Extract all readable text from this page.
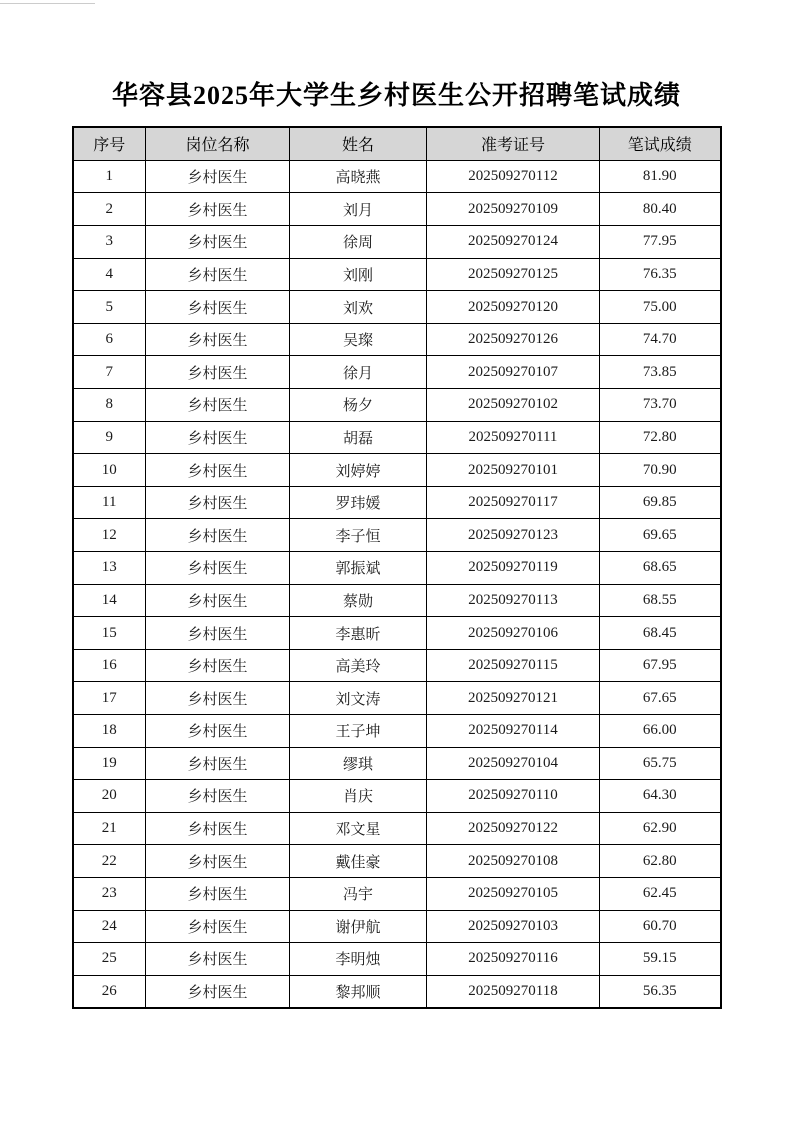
华容县2025年大学生乡村医生公开招聘笔试成绩
序号	岗位名称	姓名	准考证号	笔试成绩
1	乡村医生	高晓燕	202509270112	81.90
2	乡村医生	刘月	202509270109	80.40
3	乡村医生	徐周	202509270124	77.95
4	乡村医生	刘刚	202509270125	76.35
5	乡村医生	刘欢	202509270120	75.00
6	乡村医生	吴璨	202509270126	74.70
7	乡村医生	徐月	202509270107	73.85
8	乡村医生	杨夕	202509270102	73.70
9	乡村医生	胡磊	202509270111	72.80
10	乡村医生	刘婷婷	202509270101	70.90
11	乡村医生	罗玮媛	202509270117	69.85
12	乡村医生	李子恒	202509270123	69.65
13	乡村医生	郭振斌	202509270119	68.65
14	乡村医生	蔡勋	202509270113	68.55
15	乡村医生	李惠昕	202509270106	68.45
16	乡村医生	高美玲	202509270115	67.95
17	乡村医生	刘文涛	202509270121	67.65
18	乡村医生	王子坤	202509270114	66.00
19	乡村医生	缪琪	202509270104	65.75
20	乡村医生	肖庆	202509270110	64.30
21	乡村医生	邓文星	202509270122	62.90
22	乡村医生	戴佳豪	202509270108	62.80
23	乡村医生	冯宇	202509270105	62.45
24	乡村医生	谢伊航	202509270103	60.70
25	乡村医生	李明烛	202509270116	59.15
26	乡村医生	黎邦顺	202509270118	56.35
